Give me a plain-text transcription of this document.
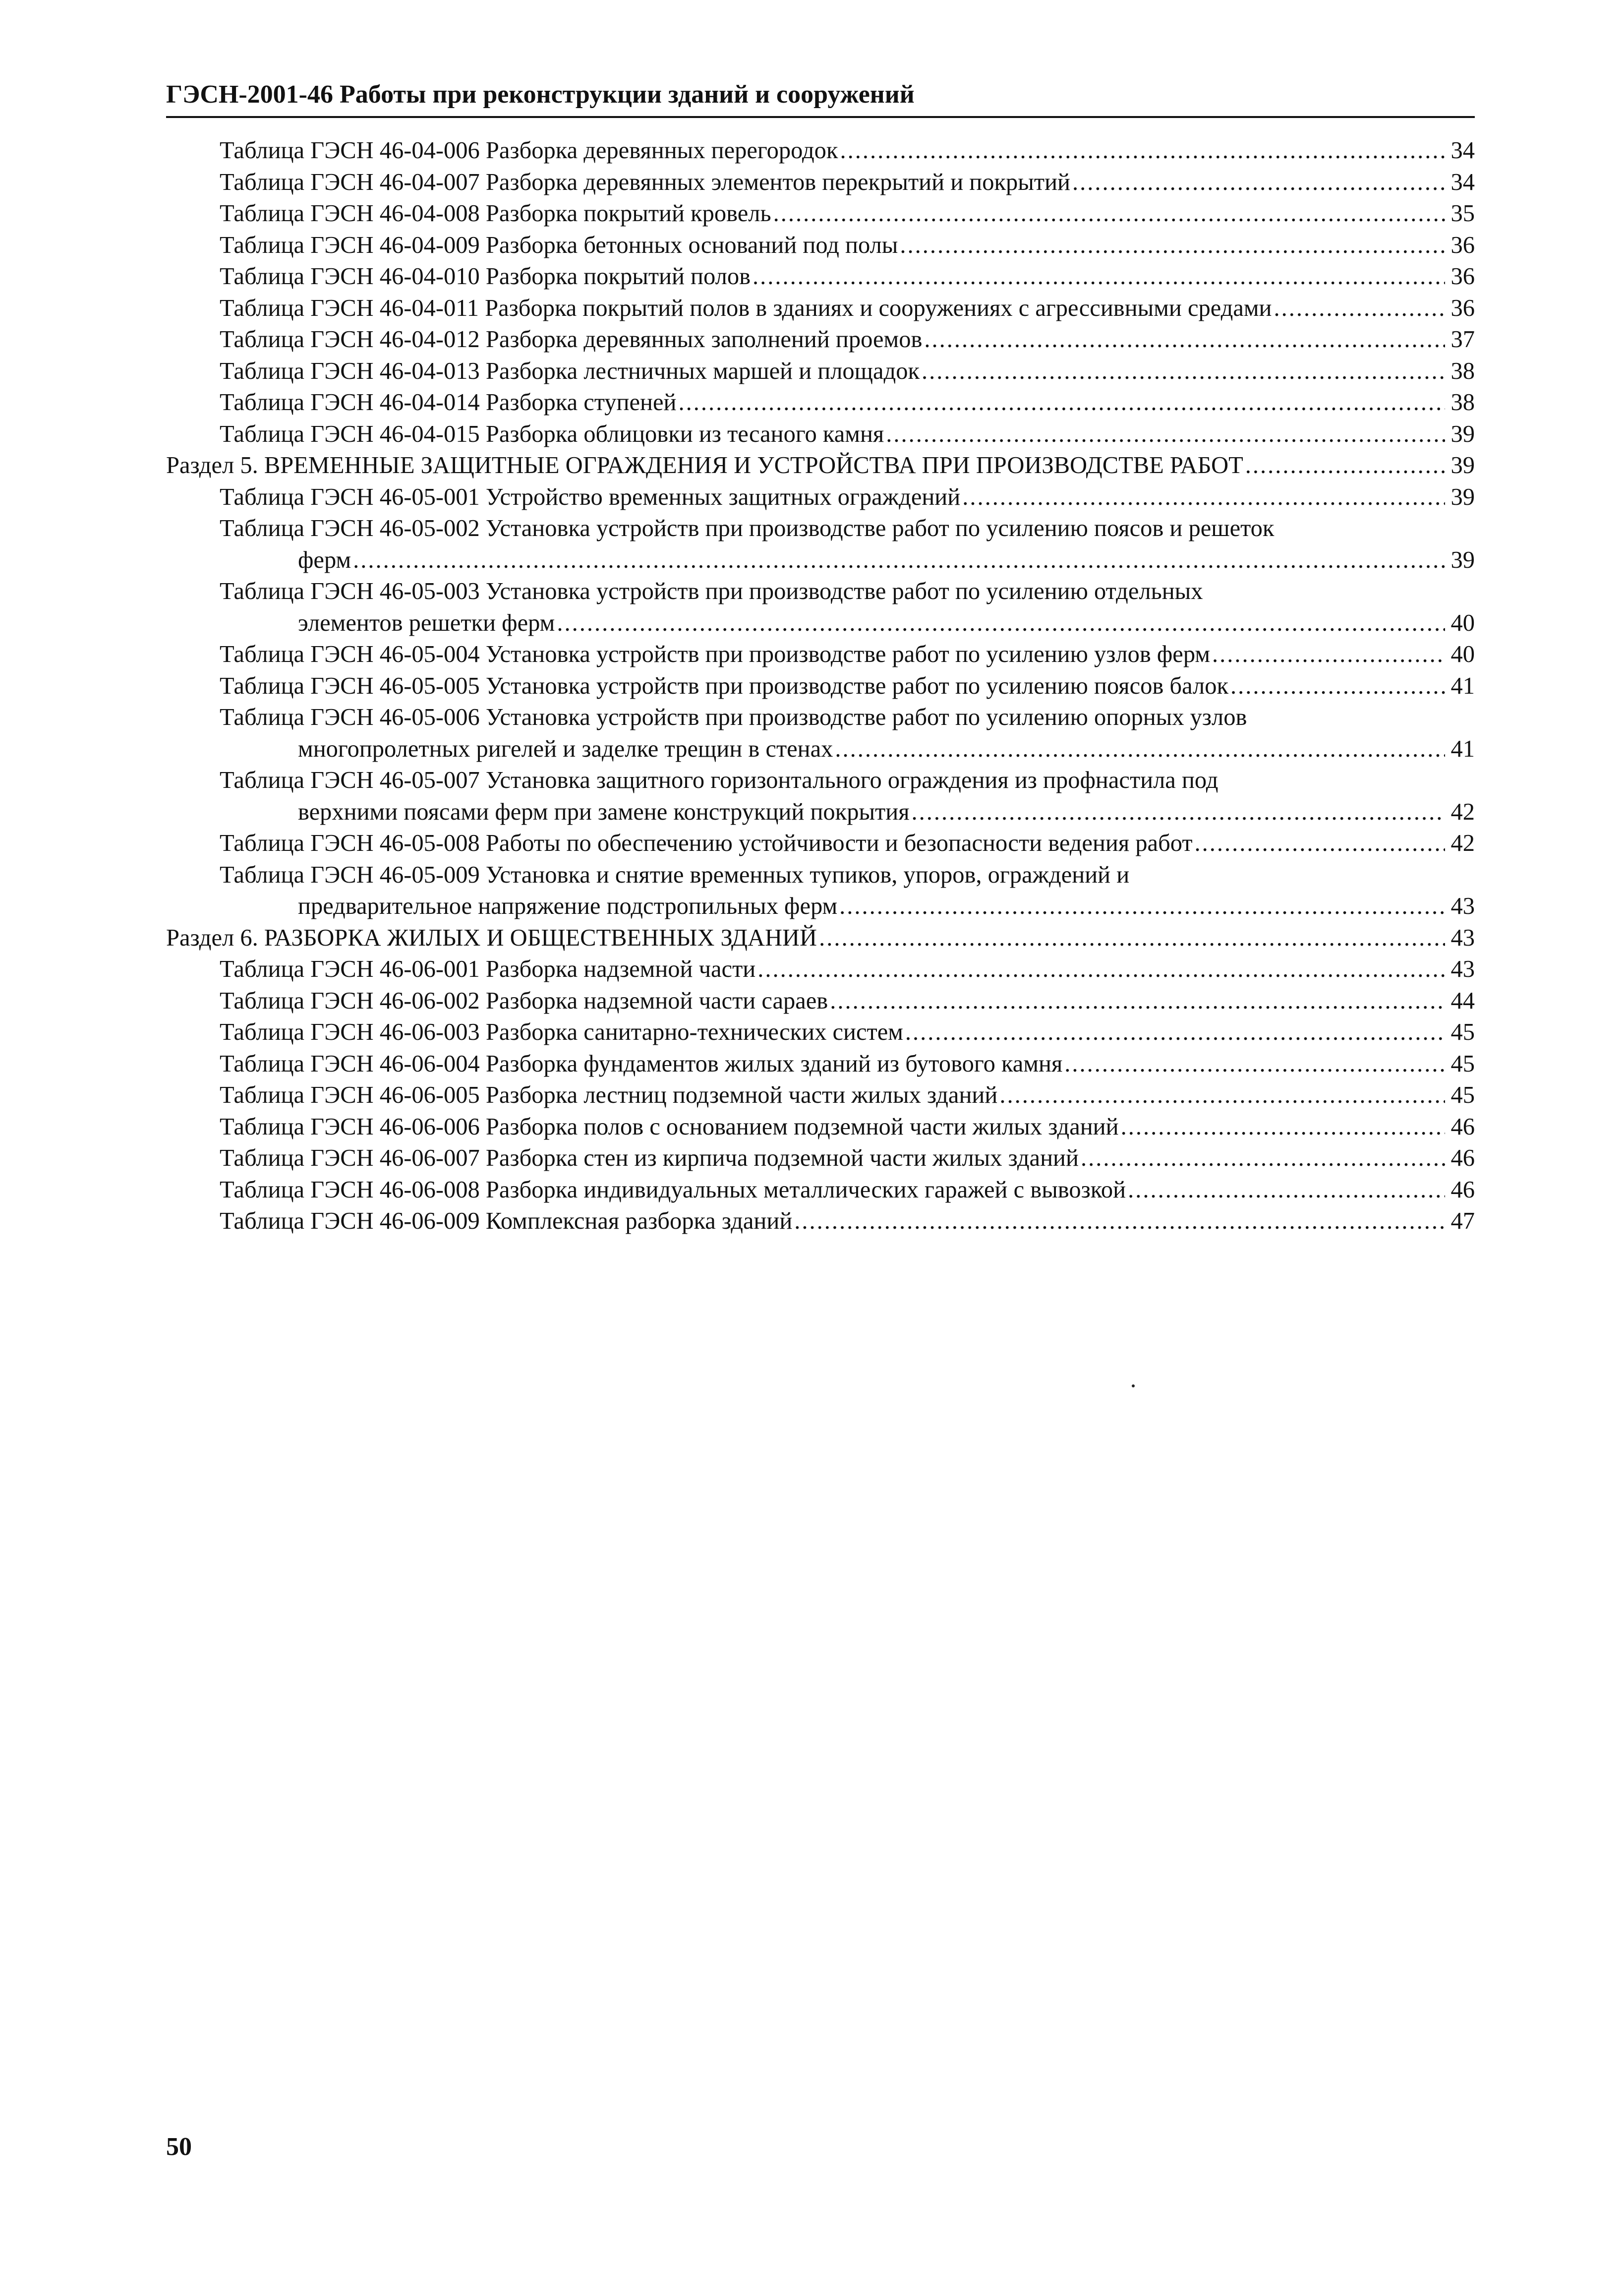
ГЭСН-2001-46 Работы при реконструкции зданий и сооружений
Таблица ГЭСН 46-04-006 Разборка деревянных перегородок .....	34
Таблица ГЭСН 46-04-007 Разборка деревянных элементов перекрытий и покрытий .....	34
Таблица ГЭСН 46-04-008 Разборка покрытий кровель .....	35
Таблица ГЭСН 46-04-009 Разборка бетонных оснований под полы .....	36
Таблица ГЭСН 46-04-010 Разборка покрытий полов .....	36
Таблица ГЭСН 46-04-011 Разборка покрытий полов в зданиях и сооружениях с агрессивными средами .....	36
Таблица ГЭСН 46-04-012 Разборка деревянных заполнений проемов .....	37
Таблица ГЭСН 46-04-013 Разборка лестничных маршей и площадок .....	38
Таблица ГЭСН 46-04-014 Разборка ступеней .....	38
Таблица ГЭСН 46-04-015 Разборка облицовки из тесаного камня .....	39
Раздел 5. ВРЕМЕННЫЕ ЗАЩИТНЫЕ ОГРАЖДЕНИЯ И УСТРОЙСТВА ПРИ ПРОИЗВОДСТВЕ РАБОТ .....	39
Таблица ГЭСН 46-05-001 Устройство временных защитных ограждений .....	39
Таблица ГЭСН 46-05-002 Установка устройств при производстве работ по усилению поясов и решеток
ферм .....	39
Таблица ГЭСН 46-05-003 Установка устройств при производстве работ по усилению отдельных
элементов решетки ферм .....	40
Таблица ГЭСН 46-05-004 Установка устройств при производстве работ по усилению узлов ферм .....	40
Таблица ГЭСН 46-05-005 Установка устройств при производстве работ по усилению поясов балок .....	41
Таблица ГЭСН 46-05-006 Установка устройств при производстве работ по усилению опорных узлов
многопролетных ригелей и заделке трещин в стенах .....	41
Таблица ГЭСН 46-05-007 Установка защитного горизонтального ограждения из профнастила под
верхними поясами ферм при замене конструкций покрытия .....	42
Таблица ГЭСН 46-05-008 Работы по обеспечению устойчивости и безопасности ведения работ .....	42
Таблица ГЭСН 46-05-009 Установка и снятие временных тупиков, упоров, ограждений и
предварительное напряжение подстропильных ферм .....	43
Раздел 6. РАЗБОРКА ЖИЛЫХ И ОБЩЕСТВЕННЫХ ЗДАНИЙ .....	43
Таблица ГЭСН 46-06-001 Разборка надземной части .....	43
Таблица ГЭСН 46-06-002 Разборка надземной части сараев .....	44
Таблица ГЭСН 46-06-003 Разборка санитарно-технических систем .....	45
Таблица ГЭСН 46-06-004 Разборка фундаментов жилых зданий из бутового камня .....	45
Таблица ГЭСН 46-06-005 Разборка лестниц подземной части жилых зданий .....	45
Таблица ГЭСН 46-06-006 Разборка полов с основанием подземной части жилых зданий .....	46
Таблица ГЭСН 46-06-007 Разборка стен из кирпича подземной части жилых зданий .....	46
Таблица ГЭСН 46-06-008 Разборка индивидуальных металлических гаражей с вывозкой .....	46
Таблица ГЭСН 46-06-009 Комплексная разборка зданий .....	47
50
